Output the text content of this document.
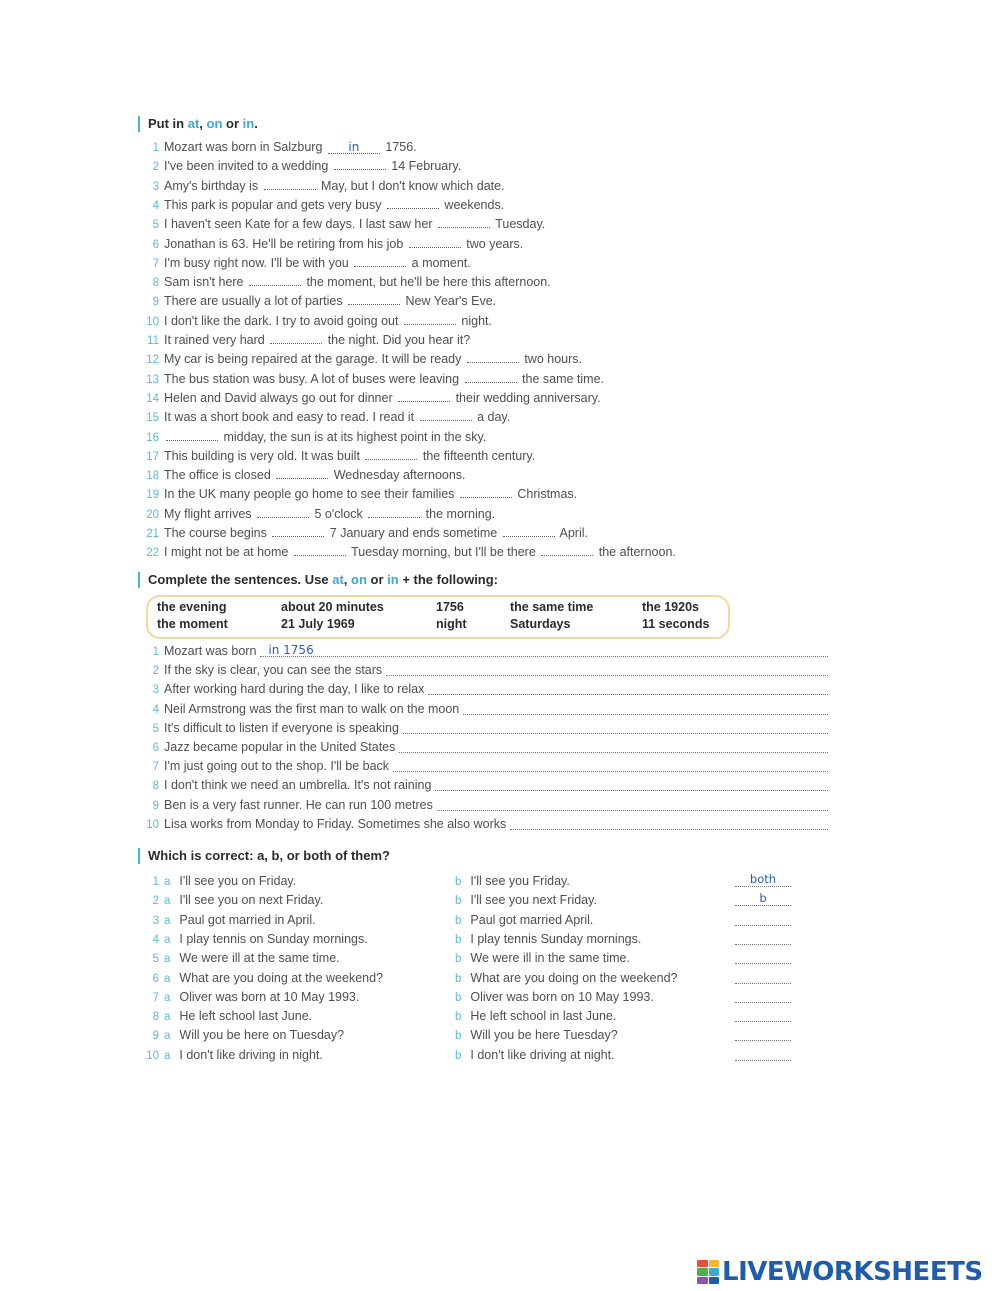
Put in at, on or in.
1 Mozart was born in Salzburg in 1756.
2 I've been invited to a wedding	14 February.
3 Amy's birthday is	May, but I don't know which date.
4 This park is popular and gets very busy	weekends.
5 I haven't seen Kate for a few days. I last saw her	Tuesday.
6 Jonathan is 63. He'll be retiring from his job	two years.
7 I'm busy right now. I'll be with you	a moment.
8 Sam isn't here	the moment, but he'll be here this afternoon.
9 There are usually a lot of parties	New Year's Eve.
10 I don't like the dark. I try to avoid going out	night.
11 It rained very hard	the night. Did you hear it?
12 My car is being repaired at the garage. It will be ready	two hours.
13 The bus station was busy. A lot of buses were leaving	the same time.
14 Helen and David always go out for dinner	their wedding anniversary.
15 It was a short book and easy to read. I read it	a day.
16	midday, the sun is at its highest point in the sky.
17 This building is very old. It was built	the fifteenth century.
18 The office is closed	Wednesday afternoons.
19 In the UK many people go home to see their families	Christmas.
20 My flight arrives	5 o'clock	the morning.
21 The course begins	7 January and ends sometime	April.
22 I might not be at home	Tuesday morning, but I'll be there	the afternoon.
Complete the sentences. Use at, on or in + the following:
the evening	about 20 minutes	1756	the same time	the 1920s
the moment	21 July 1969	night	Saturdays	11 seconds
1 Mozart was born
2 If the sky is clear, you can see the stars
3 After working hard during the day, I like to relax
4 Neil Armstrong was the first man to walk on the moon
5 It's difficult to listen if everyone is speaking
6 Jazz became popular in the United States
7 I'm just going out to the shop. I'll be back
8 I don't think we need an umbrella. It's not raining
9 Ben is a very fast runner. He can run 100 metres
10 Lisa works from Monday to Friday. Sometimes she also works
Which is correct: a, b, or both of them?
1 a I'll see you on Friday.	b I'll see you Friday.	both
2 a I'll see you on next Friday.	b I'll see you next Friday.	b
3 a Paul got married in April.	b Paul got married April.
4 a I play tennis on Sunday mornings.	b I play tennis Sunday mornings.
5 a We were ill at the same time.	b We were ill in the same time.
6 a What are you doing at the weekend?	b What are you doing on the weekend?
7 a Oliver was born at 10 May 1993.	b Oliver was born on 10 May 1993.
8 a He left school last June.	b He left school in last June.
9 a Will you be here on Tuesday?	b Will you be here Tuesday?
10 a I don't like driving in night.	b I don't like driving at night.
LIVEWORKSHEETS
in 1756
